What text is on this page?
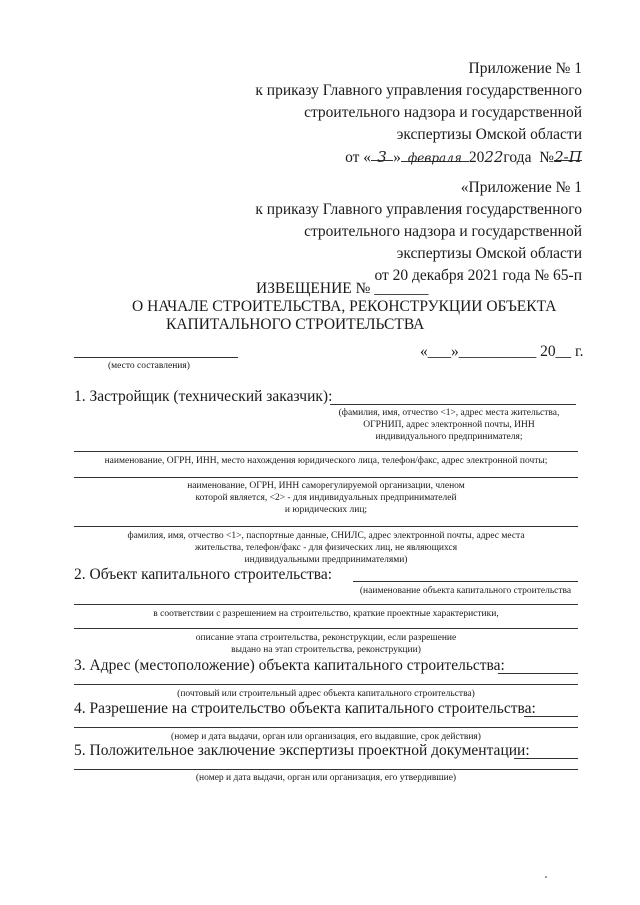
Приложение № 1
к приказу Главного управления государственного
строительного надзора и государственной
экспертизы Омской области
от « 3 » февраля 2022года №2-П
«Приложение № 1
к приказу Главного управления государственного
строительного надзора и государственной
экспертизы Омской области
от 20 декабря 2021 года № 65-п
ИЗВЕЩЕНИЕ № _______
О НАЧАЛЕ СТРОИТЕЛЬСТВА, РЕКОНСТРУКЦИИ ОБЪЕКТА
КАПИТАЛЬНОГО СТРОИТЕЛЬСТВА
(место составления)
«___»__________ 20__ г.
1. Застройщик (технический заказчик):
(фамилия, имя, отчество <1>, адрес места жительства,
ОГРНИП, адрес электронной почты, ИНН
индивидуального предпринимателя;
наименование, ОГРН, ИНН, место нахождения юридического лица, телефон/факс, адрес электронной почты;
наименование, ОГРН, ИНН саморегулируемой организации, членом
которой является, <2> - для индивидуальных предпринимателей
и юридических лиц;
фамилия, имя, отчество <1>, паспортные данные, СНИЛС, адрес электронной почты, адрес места
жительства, телефон/факс - для физических лиц, не являющихся
индивидуальными предпринимателями)
2. Объект капитального строительства:
(наименование объекта капитального строительства
в соответствии с разрешением на строительство, краткие проектные характеристики,
описание этапа строительства, реконструкции, если разрешение
выдано на этап строительства, реконструкции)
3. Адрес (местоположение) объекта капитального строительства:
(почтовый или строительный адрес объекта капитального строительства)
4. Разрешение на строительство объекта капитального строительства:
(номер и дата выдачи, орган или организация, его выдавшие, срок действия)
5. Положительное заключение экспертизы проектной документации:
(номер и дата выдачи, орган или организация, его утвердившие)
